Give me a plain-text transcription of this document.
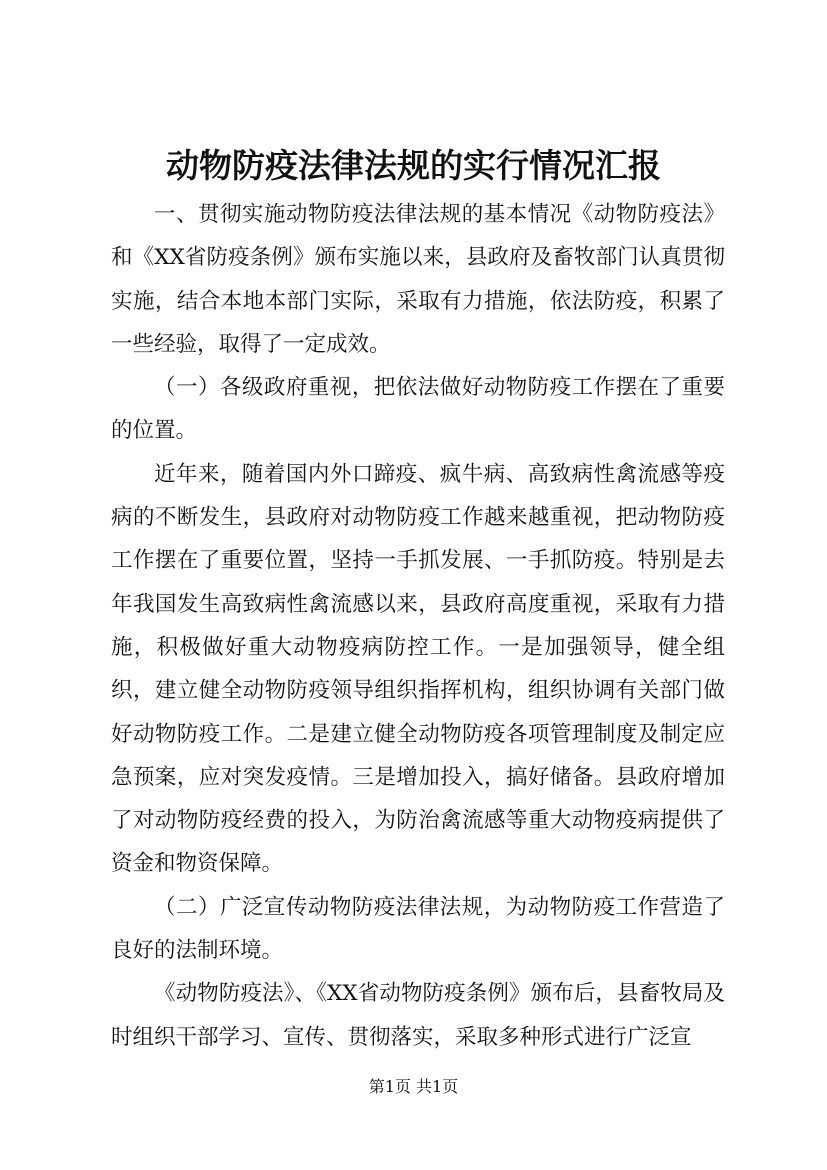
动物防疫法律法规的实行情况汇报

一、贯彻实施动物防疫法律法规的基本情况《动物防疫法》和《XX省防疫条例》颁布实施以来，县政府及畜牧部门认真贯彻实施，结合本地本部门实际，采取有力措施，依法防疫，积累了一些经验，取得了一定成效。

（一）各级政府重视，把依法做好动物防疫工作摆在了重要的位置。

近年来，随着国内外口蹄疫、疯牛病、高致病性禽流感等疫病的不断发生，县政府对动物防疫工作越来越重视，把动物防疫工作摆在了重要位置，坚持一手抓发展、一手抓防疫。特别是去年我国发生高致病性禽流感以来，县政府高度重视，采取有力措施，积极做好重大动物疫病防控工作。一是加强领导，健全组织，建立健全动物防疫领导组织指挥机构，组织协调有关部门做好动物防疫工作。二是建立健全动物防疫各项管理制度及制定应急预案，应对突发疫情。三是增加投入，搞好储备。县政府增加了对动物防疫经费的投入，为防治禽流感等重大动物疫病提供了资金和物资保障。

（二）广泛宣传动物防疫法律法规，为动物防疫工作营造了良好的法制环境。

《动物防疫法》、《XX省动物防疫条例》颁布后，县畜牧局及时组织干部学习、宣传、贯彻落实，采取多种形式进行广泛宣

第1页 共1页
